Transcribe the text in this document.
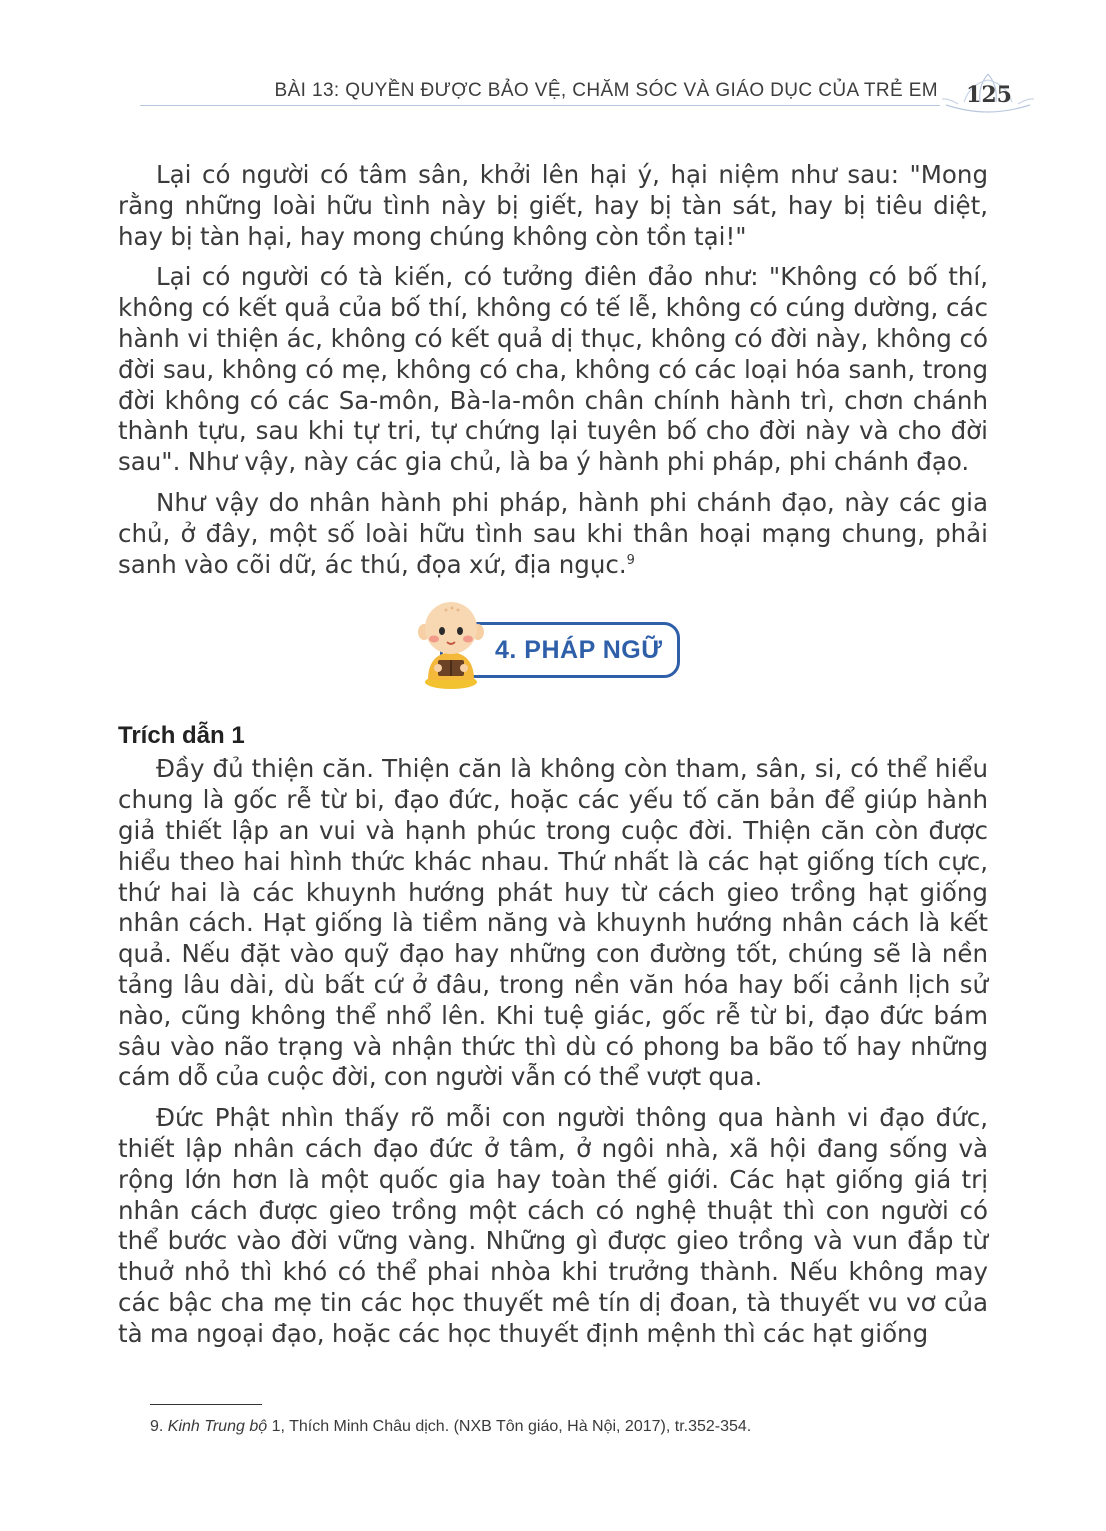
BÀI 13: QUYỀN ĐƯỢC BẢO VỆ, CHĂM SÓC VÀ GIÁO DỤC CỦA TRẺ EM 125

Lại có người có tâm sân, khởi lên hại ý, hại niệm như sau: "Mong rằng những loài hữu tình này bị giết, hay bị tàn sát, hay bị tiêu diệt, hay bị tàn hại, hay mong chúng không còn tồn tại!"

Lại có người có tà kiến, có tưởng điên đảo như: "Không có bố thí, không có kết quả của bố thí, không có tế lễ, không có cúng dường, các hành vi thiện ác, không có kết quả dị thục, không có đời này, không có đời sau, không có mẹ, không có cha, không có các loại hóa sanh, trong đời không có các Sa-môn, Bà-la-môn chân chính hành trì, chơn chánh thành tựu, sau khi tự tri, tự chứng lại tuyên bố cho đời này và cho đời sau". Như vậy, này các gia chủ, là ba ý hành phi pháp, phi chánh đạo.

Như vậy do nhân hành phi pháp, hành phi chánh đạo, này các gia chủ, ở đây, một số loài hữu tình sau khi thân hoại mạng chung, phải sanh vào cõi dữ, ác thú, đọa xứ, địa ngục.$^9$

4. PHÁP NGỮ

Trích dẫn 1

Đầy đủ thiện căn. Thiện căn là không còn tham, sân, si, có thể hiểu chung là gốc rễ từ bi, đạo đức, hoặc các yếu tố căn bản để giúp hành giả thiết lập an vui và hạnh phúc trong cuộc đời. Thiện căn còn được hiểu theo hai hình thức khác nhau. Thứ nhất là các hạt giống tích cực, thứ hai là các khuynh hướng phát huy từ cách gieo trồng hạt giống nhân cách. Hạt giống là tiềm năng và khuynh hướng nhân cách là kết quả. Nếu đặt vào quỹ đạo hay những con đường tốt, chúng sẽ là nền tảng lâu dài, dù bất cứ ở đâu, trong nền văn hóa hay bối cảnh lịch sử nào, cũng không thể nhổ lên. Khi tuệ giác, gốc rễ từ bi, đạo đức bám sâu vào não trạng và nhận thức thì dù có phong ba bão tố hay những cám dỗ của cuộc đời, con người vẫn có thể vượt qua.

Đức Phật nhìn thấy rõ mỗi con người thông qua hành vi đạo đức, thiết lập nhân cách đạo đức ở tâm, ở ngôi nhà, xã hội đang sống và rộng lớn hơn là một quốc gia hay toàn thế giới. Các hạt giống giá trị nhân cách được gieo trồng một cách có nghệ thuật thì con người có thể bước vào đời vững vàng. Những gì được gieo trồng và vun đắp từ thuở nhỏ thì khó có thể phai nhòa khi trưởng thành. Nếu không may các bậc cha mẹ tin các học thuyết mê tín dị đoan, tà thuyết vu vơ của tà ma ngoại đạo, hoặc các học thuyết định mệnh thì các hạt giống

9. Kinh Trung bộ 1, Thích Minh Châu dịch. (NXB Tôn giáo, Hà Nội, 2017), tr.352-354.
